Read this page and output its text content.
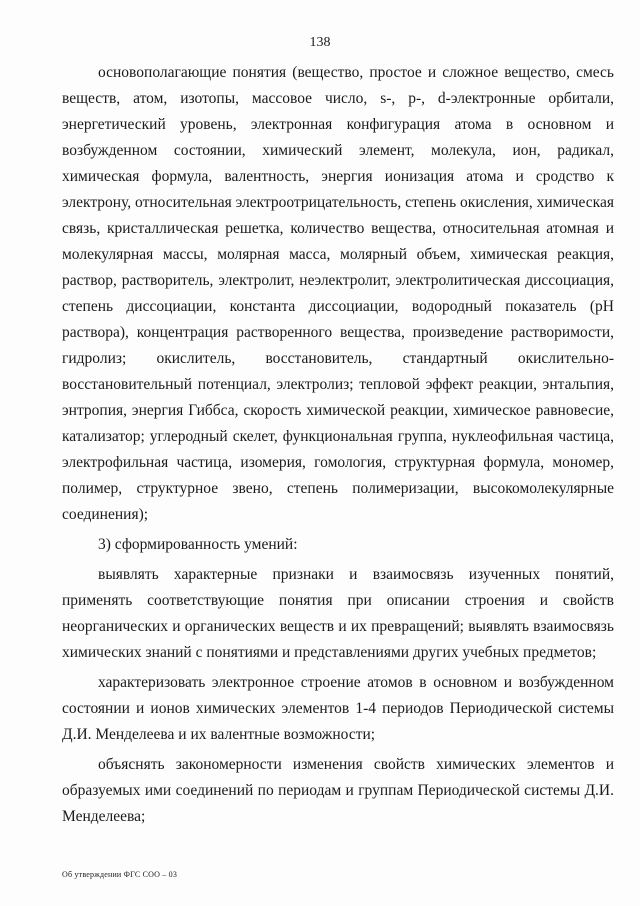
138

основополагающие понятия (вещество, простое и сложное вещество, смесь веществ, атом, изотопы, массовое число, s-, p-, d-электронные орбитали, энергетический уровень, электронная конфигурация атома в основном и возбужденном состоянии, химический элемент, молекула, ион, радикал, химическая формула, валентность, энергия ионизация атома и сродство к электрону, относительная электроотрицательность, степень окисления, химическая связь, кристаллическая решетка, количество вещества, относительная атомная и молекулярная массы, молярная масса, молярный объем, химическая реакция, раствор, растворитель, электролит, неэлектролит, электролитическая диссоциация, степень диссоциации, константа диссоциации, водородный показатель (pH раствора), концентрация растворенного вещества, произведение растворимости, гидролиз; окислитель, восстановитель, стандартный окислительно-восстановительный потенциал, электролиз; тепловой эффект реакции, энтальпия, энтропия, энергия Гиббса, скорость химической реакции, химическое равновесие, катализатор; углеродный скелет, функциональная группа, нуклеофильная частица, электрофильная частица, изомерия, гомология, структурная формула, мономер, полимер, структурное звено, степень полимеризации, высокомолекулярные соединения);

3) сформированность умений:

выявлять характерные признаки и взаимосвязь изученных понятий, применять соответствующие понятия при описании строения и свойств неорганических и органических веществ и их превращений; выявлять взаимосвязь химических знаний с понятиями и представлениями других учебных предметов;

характеризовать электронное строение атомов в основном и возбужденном состоянии и ионов химических элементов 1-4 периодов Периодической системы Д.И. Менделеева и их валентные возможности;

объяснять закономерности изменения свойств химических элементов и образуемых ими соединений по периодам и группам Периодической системы Д.И. Менделеева;

Об утверждении ФГС СОО – 03
